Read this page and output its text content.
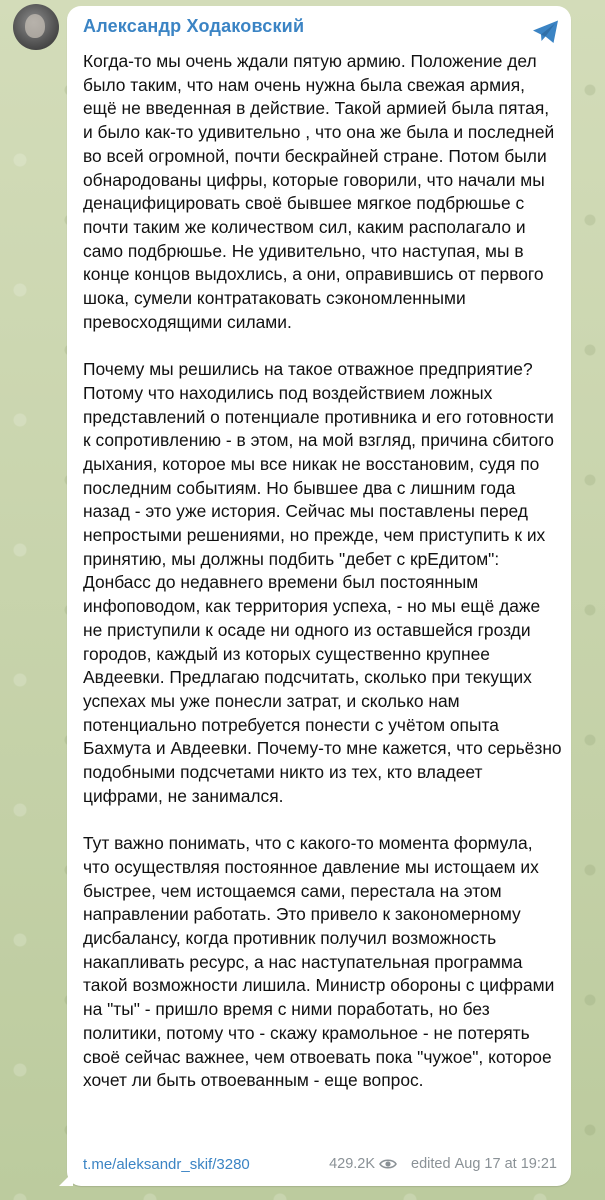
Александр Ходаковский

Когда-то мы очень ждали пятую армию. Положение дел было таким, что нам очень нужна была свежая армия, ещё не введенная в действие. Такой армией была пятая, и было как-то удивительно , что она же была и последней во всей огромной, почти бескрайней стране. Потом были обнародованы цифры, которые говорили, что начали мы денацифицировать своё бывшее мягкое подбрюшье с почти таким же количеством сил, каким располагало и само подбрюшье. Не удивительно, что наступая, мы в конце концов выдохлись, а они, оправившись от первого шока, сумели контратаковать сэкономленными превосходящими силами.

Почему мы решились на такое отважное предприятие? Потому что находились под воздействием ложных представлений о потенциале противника и его готовности к сопротивлению - в этом, на мой взгляд, причина сбитого дыхания, которое мы все никак не восстановим, судя по последним событиям. Но бывшее два с лишним года назад - это уже история. Сейчас мы поставлены перед непростыми решениями, но прежде, чем приступить к их принятию, мы должны подбить "дебет с крЕдитом": Донбасс до недавнего времени был постоянным инфоповодом, как территория успеха, - но мы ещё даже не приступили к осаде ни одного из оставшейся грозди городов, каждый из которых существенно крупнее Авдеевки. Предлагаю подсчитать, сколько при текущих успехах мы уже понесли затрат, и сколько нам потенциально потребуется понести с учётом опыта Бахмута и Авдеевки. Почему-то мне кажется, что серьёзно подобными подсчетами никто из тех, кто владеет цифрами, не занимался.

Тут важно понимать, что с какого-то момента формула, что осуществляя постоянное давление мы истощаем их быстрее, чем истощаемся сами, перестала на этом направлении работать. Это привело к закономерному дисбалансу, когда противник получил возможность накапливать ресурс, а нас наступательная программа такой возможности лишила. Министр обороны с цифрами на "ты" - пришло время с ними поработать, но без политики, потому что - скажу крамольное - не потерять своё сейчас важнее, чем отвоевать пока "чужое", которое хочет ли быть отвоеванным - еще вопрос.

t.me/aleksandr_skif/3280	429.2K edited
Aug 17 at 19:21
